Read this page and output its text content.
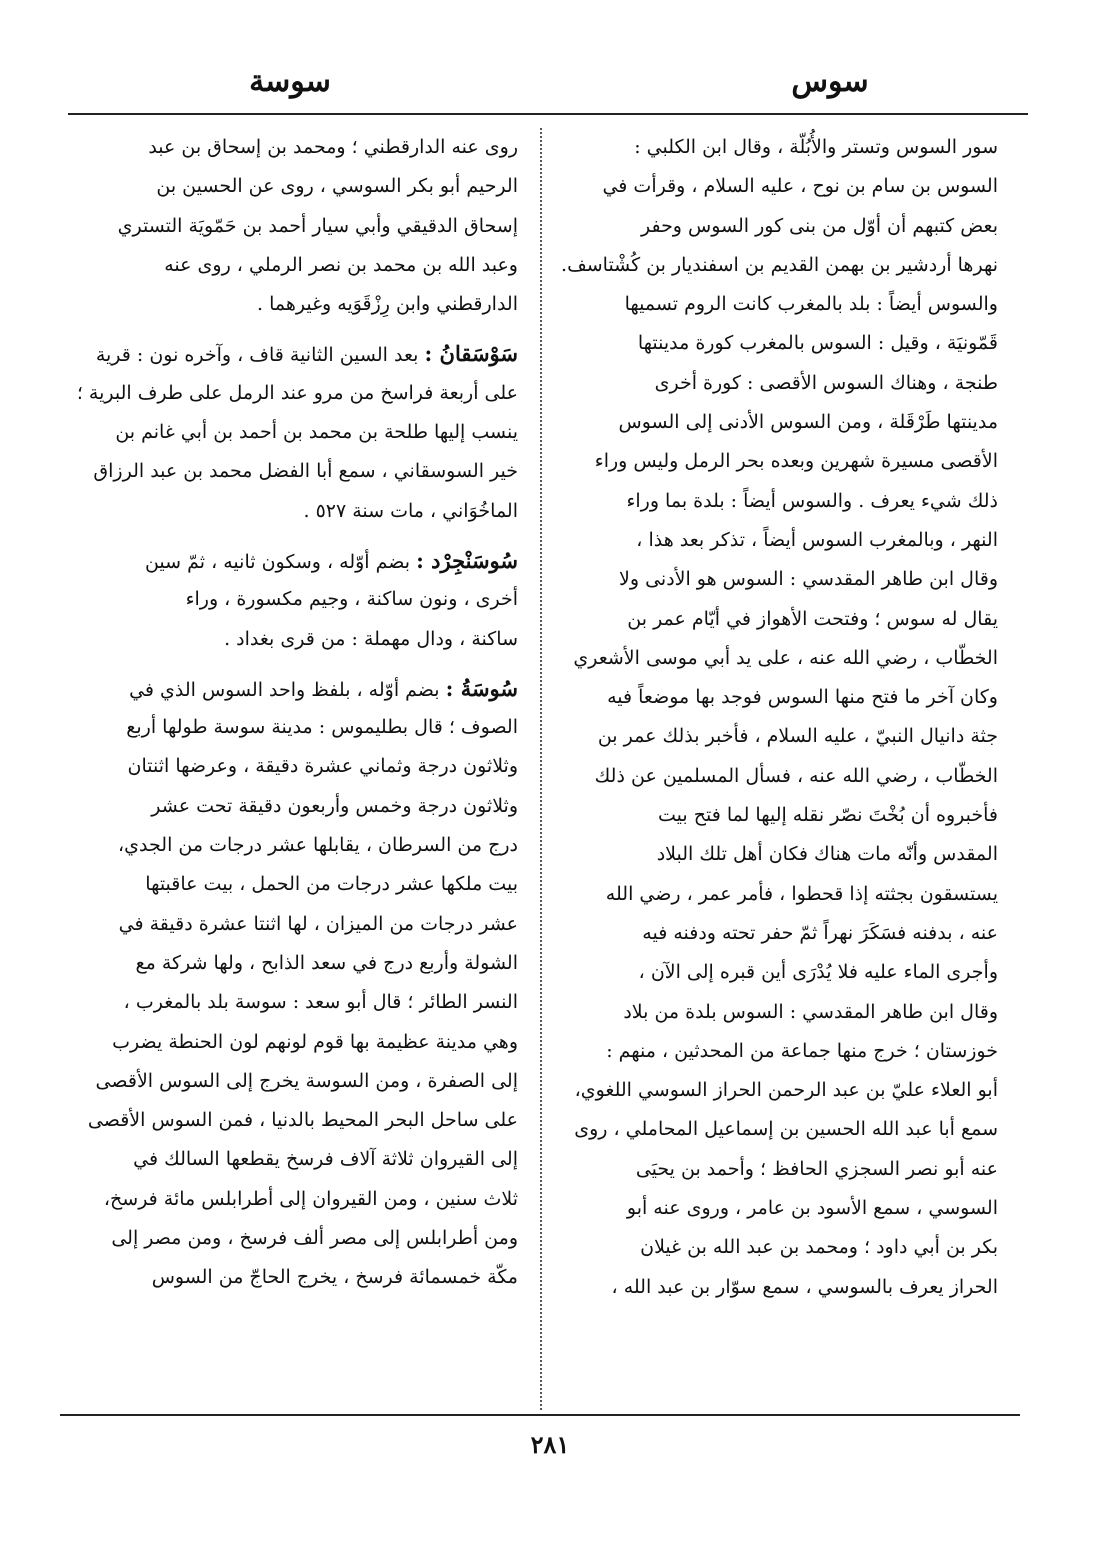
سوس
سوسة
سور السوس وتستر والأُبُلّة ، وقال ابن الكلبي :
السوس بن سام بن نوح ، عليه السلام ، وقرأت في
بعض كتبهم أن أوّل من بنى كور السوس وحفر
نهرها أردشير بن بهمن القديم بن اسفنديار بن كُشْتاسف.
والسوس أيضاً : بلد بالمغرب كانت الروم تسميها
قَمّونيَة ، وقيل : السوس بالمغرب كورة مدينتها
طنجة ، وهناك السوس الأقصى : كورة أخرى
مدينتها طَرْقَلة ، ومن السوس الأدنى إلى السوس
الأقصى مسيرة شهرين وبعده بحر الرمل وليس وراء
ذلك شيء يعرف . والسوس أيضاً : بلدة بما وراء
النهر ، وبالمغرب السوس أيضاً ، تذكر بعد هذا ،
وقال ابن طاهر المقدسي : السوس هو الأدنى ولا
يقال له سوس ؛ وفتحت الأهواز في أيّام عمر بن
الخطّاب ، رضي الله عنه ، على يد أبي موسى الأشعري
وكان آخر ما فتح منها السوس فوجد بها موضعاً فيه
جثة دانيال النبيّ ، عليه السلام ، فأخبر بذلك عمر بن
الخطّاب ، رضي الله عنه ، فسأل المسلمين عن ذلك
فأخبروه أن بُخْتَ نصّر نقله إليها لما فتح بيت
المقدس وأنّه مات هناك فكان أهل تلك البلاد
يستسقون بجثته إذا قحطوا ، فأمر عمر ، رضي الله
عنه ، بدفنه فسَكَرَ نهراً ثمّ حفر تحته ودفنه فيه
وأجرى الماء عليه فلا يُدْرَى أين قبره إلى الآن ،
وقال ابن طاهر المقدسي : السوس بلدة من بلاد
خوزستان ؛ خرج منها جماعة من المحدثين ، منهم :
أبو العلاء عليّ بن عبد الرحمن الحراز السوسي اللغوي،
سمع أبا عبد الله الحسين بن إسماعيل المحاملي ، روى
عنه أبو نصر السجزي الحافظ ؛ وأحمد بن يحيَى
السوسي ، سمع الأسود بن عامر ، وروى عنه أبو
بكر بن أبي داود ؛ ومحمد بن عبد الله بن غيلان
الحراز يعرف بالسوسي ، سمع سوّار بن عبد الله ،
روى عنه الدارقطني ؛ ومحمد بن إسحاق بن عبد
الرحيم أبو بكر السوسي ، روى عن الحسين بن
إسحاق الدقيقي وأبي سيار أحمد بن حَمّويَة التستري
وعبد الله بن محمد بن نصر الرملي ، روى عنه
الدارقطني وابن رِزْقَوَيه وغيرهما .
سَوْسَقانُ : بعد السين الثانية قاف ، وآخره نون : قرية
على أربعة فراسخ من مرو عند الرمل على طرف البرية ؛
ينسب إليها طلحة بن محمد بن أحمد بن أبي غانم بن
خير السوسقاني ، سمع أبا الفضل محمد بن عبد الرزاق
الماخُوَاني ، مات سنة ٥٢٧ .
سُوسَنْجِرْد : بضم أوّله ، وسكون ثانيه ، ثمّ سين
أخرى ، ونون ساكنة ، وجيم مكسورة ، وراء
ساكنة ، ودال مهملة : من قرى بغداد .
سُوسَةُ : بضم أوّله ، بلفظ واحد السوس الذي في
الصوف ؛ قال بطليموس : مدينة سوسة طولها أربع
وثلاثون درجة وثماني عشرة دقيقة ، وعرضها اثنتان
وثلاثون درجة وخمس وأربعون دقيقة تحت عشر
درج من السرطان ، يقابلها عشر درجات من الجدي،
بيت ملكها عشر درجات من الحمل ، بيت عاقبتها
عشر درجات من الميزان ، لها اثنتا عشرة دقيقة في
الشولة وأربع درج في سعد الذابح ، ولها شركة مع
النسر الطائر ؛ قال أبو سعد : سوسة بلد بالمغرب ،
وهي مدينة عظيمة بها قوم لونهم لون الحنطة يضرب
إلى الصفرة ، ومن السوسة يخرج إلى السوس الأقصى
على ساحل البحر المحيط بالدنيا ، فمن السوس الأقصى
إلى القيروان ثلاثة آلاف فرسخ يقطعها السالك في
ثلاث سنين ، ومن القيروان إلى أطرابلس مائة فرسخ،
ومن أطرابلس إلى مصر ألف فرسخ ، ومن مصر إلى
مكّة خمسمائة فرسخ ، يخرج الحاجّ من السوس
٢٨١
